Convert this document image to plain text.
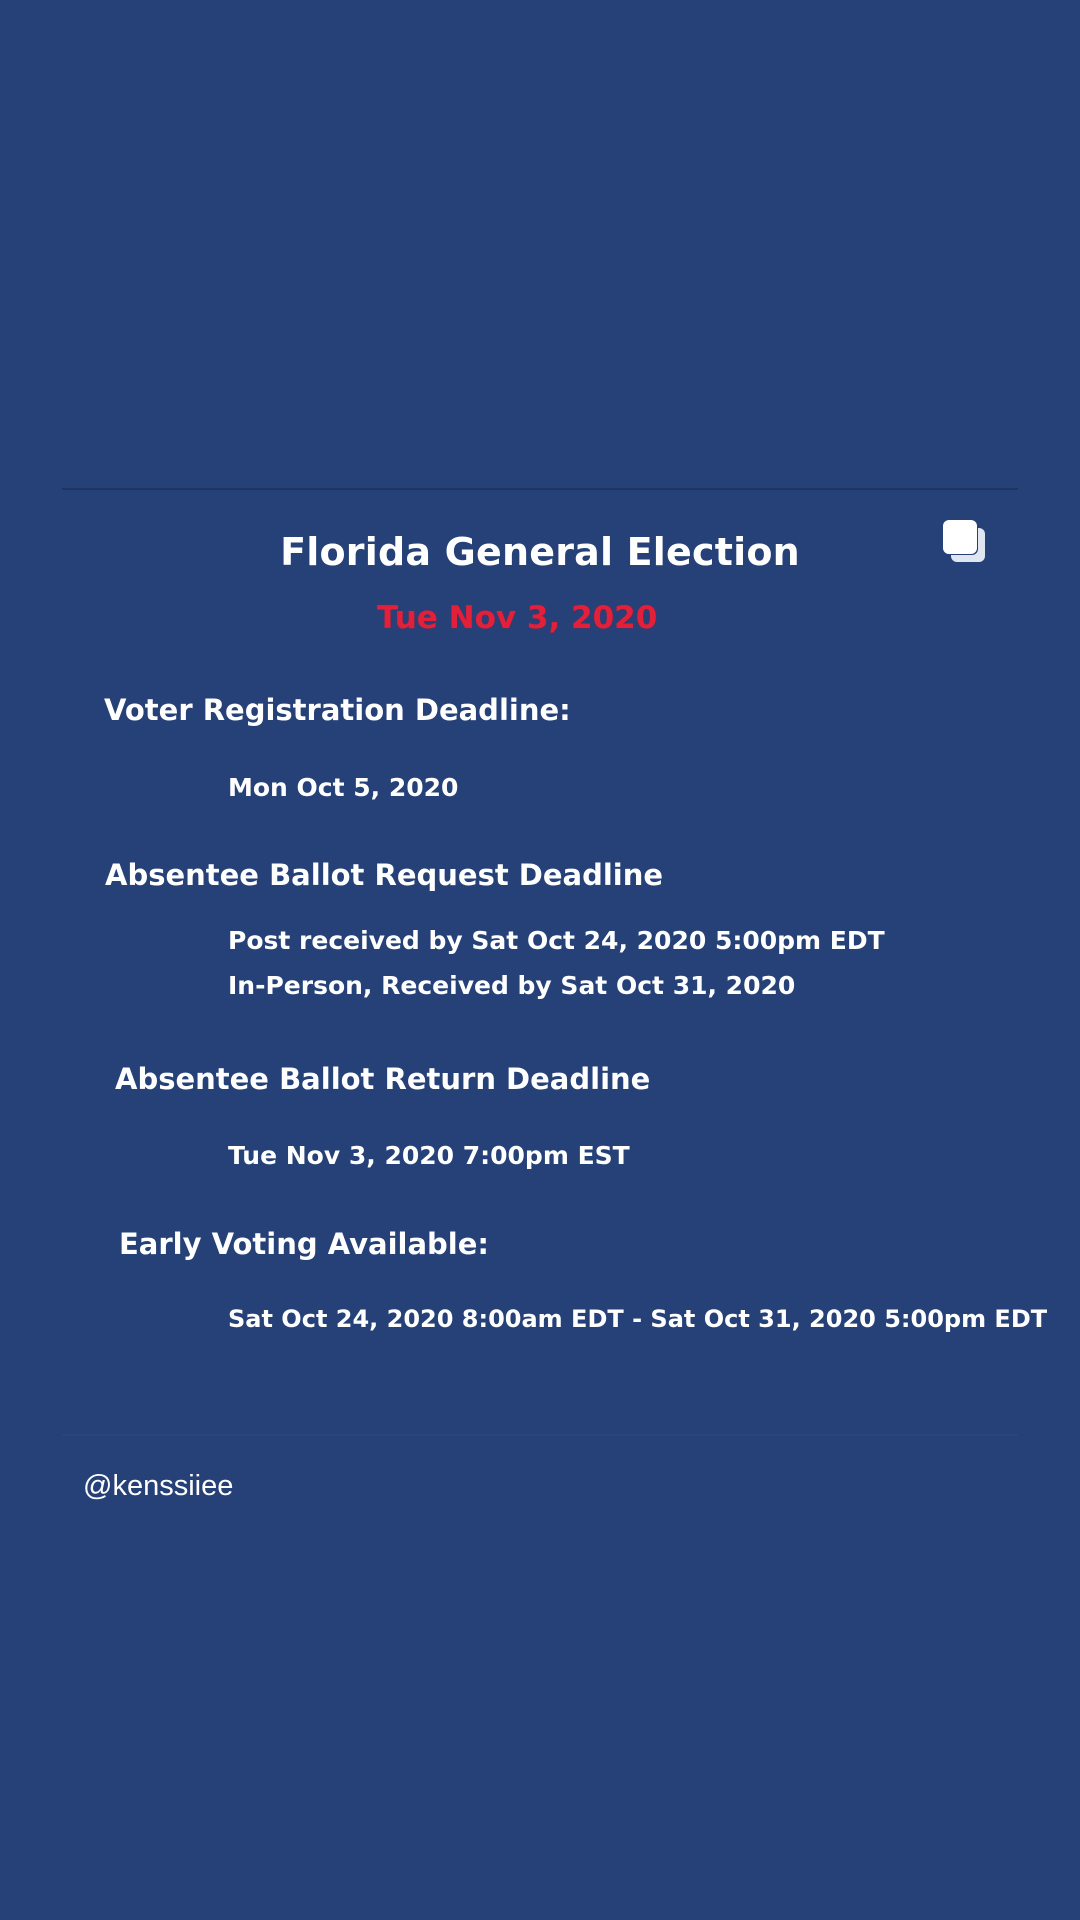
Florida General Election
Tue Nov 3, 2020
Voter Registration Deadline:
Mon Oct 5, 2020
Absentee Ballot Request Deadline
Post received by Sat Oct 24, 2020 5:00pm EDT
In-Person, Received by Sat Oct 31, 2020
Absentee Ballot Return Deadline
Tue Nov 3, 2020 7:00pm EST
Early Voting Available:
Sat Oct 24, 2020 8:00am EDT - Sat Oct 31, 2020 5:00pm EDT
@kenssiiee
